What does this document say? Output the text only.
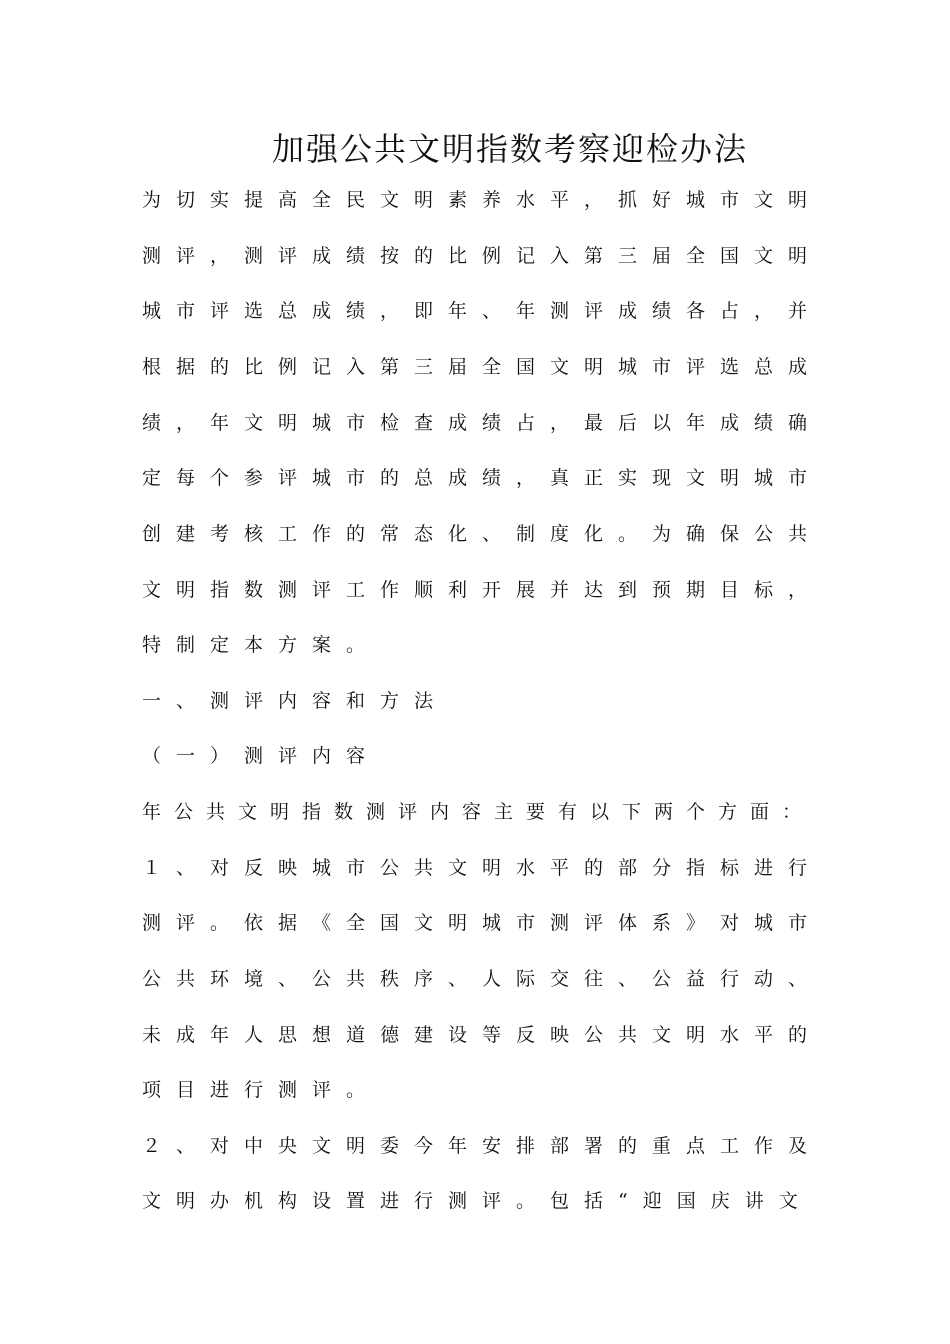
加强公共文明指数考察迎检办法
为切实提高全民文明素养水平，抓好城市文明
测评，测评成绩按的比例记入第三届全国文明
城市评选总成绩，即年、年测评成绩各占，并
根据的比例记入第三届全国文明城市评选总成
绩，年文明城市检查成绩占，最后以年成绩确
定每个参评城市的总成绩，真正实现文明城市
创建考核工作的常态化、制度化。为确保公共
文明指数测评工作顺利开展并达到预期目标，
特制定本方案。
一、测评内容和方法
（一）测评内容
年公共文明指数测评内容主要有以下两个方面：
１、对反映城市公共文明水平的部分指标进行
测评。依据《全国文明城市测评体系》对城市
公共环境、公共秩序、人际交往、公益行动、
未成年人思想道德建设等反映公共文明水平的
项目进行测评。
２、对中央文明委今年安排部署的重点工作及
文明办机构设置进行测评。包括“迎国庆讲文
